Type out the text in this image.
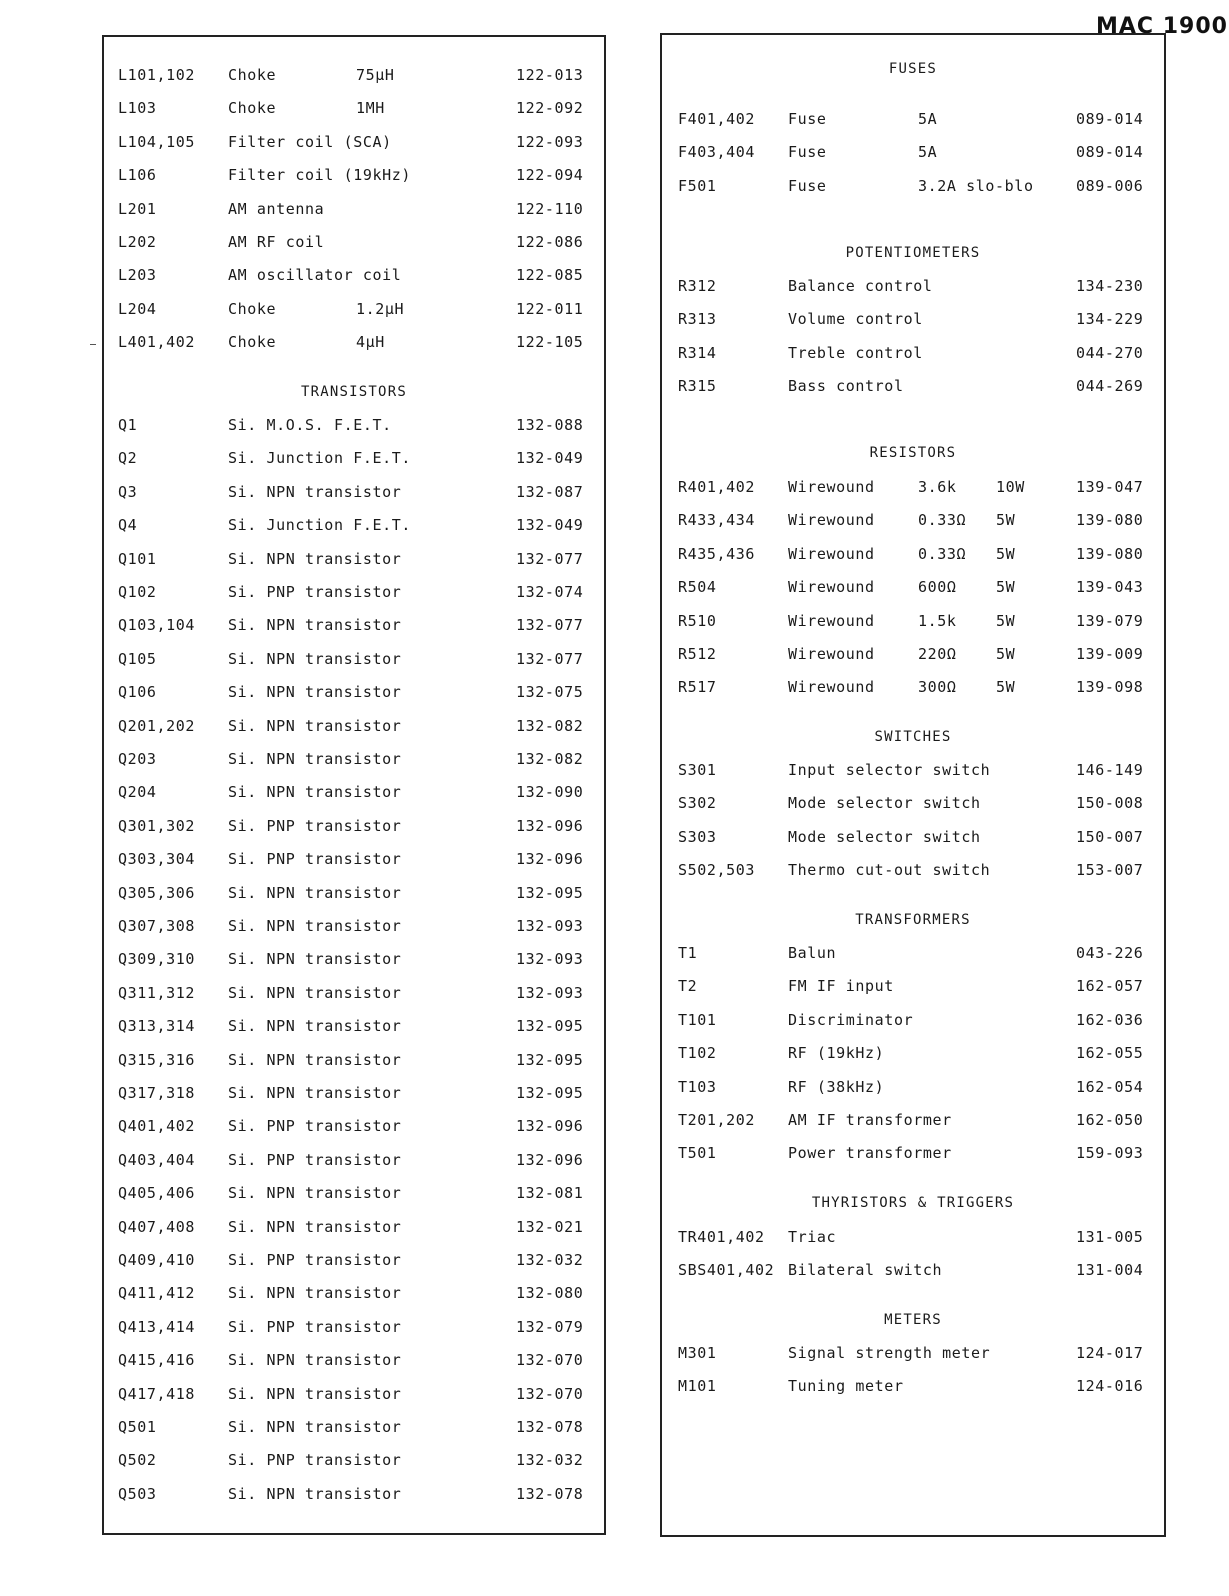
MAC 1900
L101,102 Choke	75µH	122-013
L103	Choke	1MH	122-092
L104,105 Filter coil (SCA)	122-093
L106	Filter coil (19kHz)	122-094
L201	AM antenna	122-110
L202	AM RF coil	122-086
L203	AM oscillator coil	122-085
L204	Choke	1.2µH	122-011
L401,402 Choke	4µH	122-105
TRANSISTORS
Q1	Si. M.O.S. F.E.T.	132-088
Q2	Si. Junction F.E.T.	132-049
Q3	Si. NPN transistor	132-087
Q4	Si. Junction F.E.T.	132-049
Q101	Si. NPN transistor	132-077
Q102	Si. PNP transistor	132-074
Q103,104 Si. NPN transistor	132-077
Q105	Si. NPN transistor	132-077
Q106	Si. NPN transistor	132-075
Q201,202 Si. NPN transistor	132-082
Q203	Si. NPN transistor	132-082
Q204	Si. NPN transistor	132-090
Q301,302 Si. PNP transistor	132-096
Q303,304 Si. PNP transistor	132-096
Q305,306 Si. NPN transistor	132-095
Q307,308 Si. NPN transistor	132-093
Q309,310 Si. NPN transistor	132-093
Q311,312 Si. NPN transistor	132-093
Q313,314 Si. NPN transistor	132-095
Q315,316 Si. NPN transistor	132-095
Q317,318 Si. NPN transistor	132-095
Q401,402 Si. PNP transistor	132-096
Q403,404 Si. PNP transistor	132-096
Q405,406 Si. NPN transistor	132-081
Q407,408 Si. NPN transistor	132-021
Q409,410 Si. PNP transistor	132-032
Q411,412 Si. NPN transistor	132-080
Q413,414 Si. PNP transistor	132-079
Q415,416 Si. NPN transistor	132-070
Q417,418 Si. NPN transistor	132-070
Q501	Si. NPN transistor	132-078
Q502	Si. PNP transistor	132-032
Q503	Si. NPN transistor	132-078
FUSES
F401,402 Fuse	5A	089-014
F403,404 Fuse	5A	089-014
F501	Fuse	3.2A slo-blo	089-006
POTENTIOMETERS
R312	Balance control	134-230
R313	Volume control	134-229
R314	Treble control	044-270
R315	Bass control	044-269
RESISTORS
R401,402 Wirewound	3.6k	10W	139-047
R433,434 Wirewound	0.33Ω 5W	139-080
R435,436 Wirewound	0.33Ω 5W	139-080
R504	Wirewound	600Ω	5W	139-043
R510	Wirewound	1.5k	5W	139-079
R512	Wirewound	220Ω	5W	139-009
R517	Wirewound	300Ω	5W	139-098
SWITCHES
S301	Input selector switch	146-149
S302	Mode selector switch	150-008
S303	Mode selector switch	150-007
S502,503 Thermo cut-out switch	153-007
TRANSFORMERS
T1	Balun	043-226
T2	FM IF input	162-057
T101	Discriminator	162-036
T102	RF (19kHz)	162-055
T103	RF (38kHz)	162-054
T201,202 AM IF transformer	162-050
T501	Power transformer	159-093
THYRISTORS & TRIGGERS
TR401,402 Triac	131-005
SBS401,402 Bilateral switch	131-004
METERS
M301	Signal strength meter	124-017
M101	Tuning meter	124-016
